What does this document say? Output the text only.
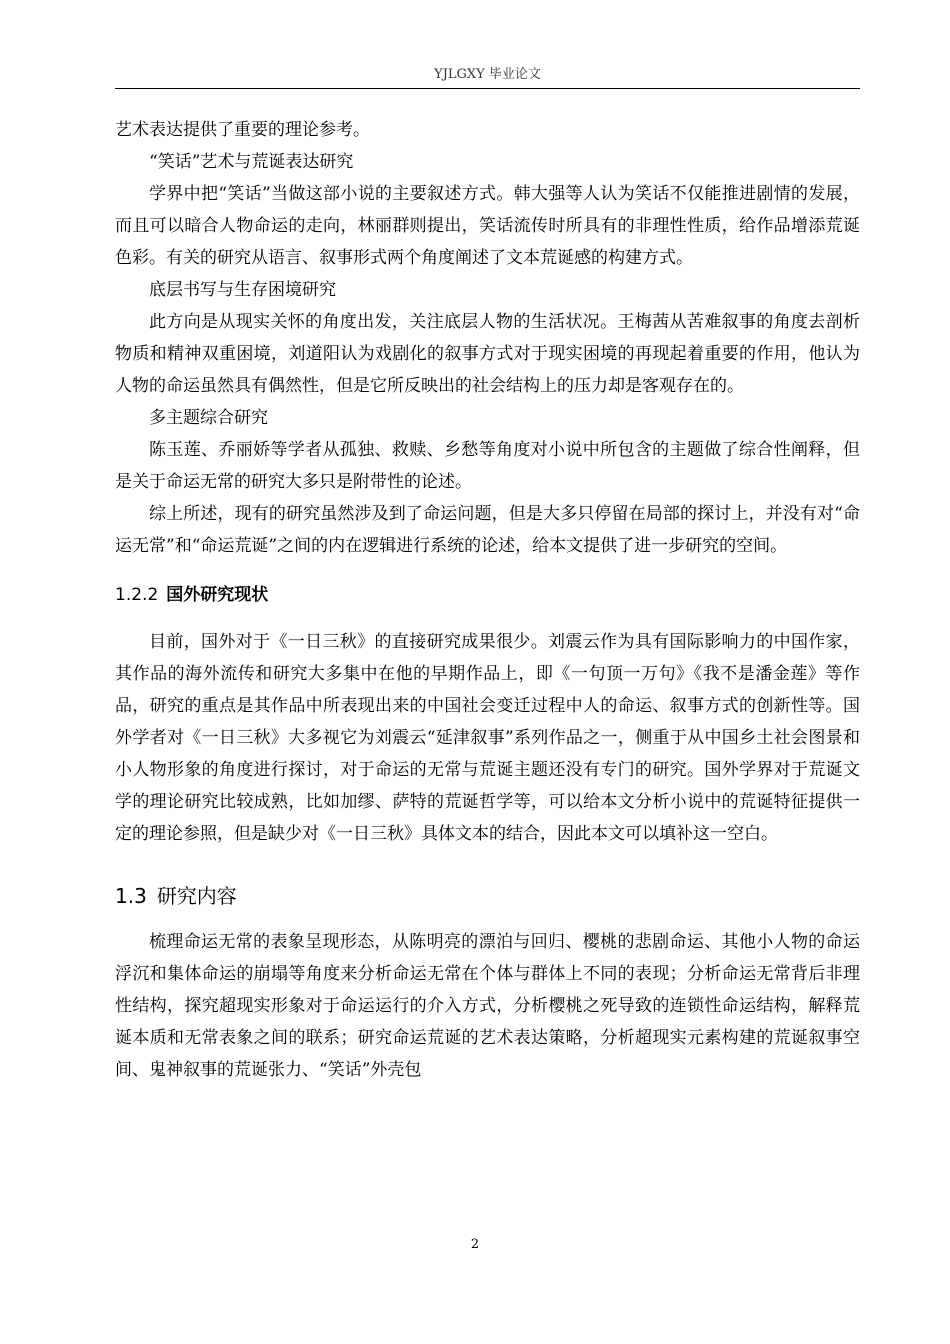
YJLGXY 毕业论文

艺术表达提供了重要的理论参考。

“笑话”艺术与荒诞表达研究

学界中把“笑话”当做这部小说的主要叙述方式。韩大强等人认为笑话不仅能推进剧情的发展，而且可以暗合人物命运的走向，林丽群则提出，笑话流传时所具有的非理性性质，给作品增添荒诞色彩。有关的研究从语言、叙事形式两个角度阐述了文本荒诞感的构建方式。

底层书写与生存困境研究

此方向是从现实关怀的角度出发，关注底层人物的生活状况。王梅茜从苦难叙事的角度去剖析物质和精神双重困境，刘道阳认为戏剧化的叙事方式对于现实困境的再现起着重要的作用，他认为人物的命运虽然具有偶然性，但是它所反映出的社会结构上的压力却是客观存在的。

多主题综合研究

陈玉莲、乔丽娇等学者从孤独、救赎、乡愁等角度对小说中所包含的主题做了综合性阐释，但是关于命运无常的研究大多只是附带性的论述。

综上所述，现有的研究虽然涉及到了命运问题，但是大多只停留在局部的探讨上，并没有对“命运无常”和“命运荒诞”之间的内在逻辑进行系统的论述，给本文提供了进一步研究的空间。

1.2.2 国外研究现状

目前，国外对于《一日三秋》的直接研究成果很少。刘震云作为具有国际影响力的中国作家，其作品的海外流传和研究大多集中在他的早期作品上，即《一句顶一万句》《我不是潘金莲》等作品，研究的重点是其作品中所表现出来的中国社会变迁过程中人的命运、叙事方式的创新性等。国外学者对《一日三秋》大多视它为刘震云“延津叙事”系列作品之一，侧重于从中国乡土社会图景和小人物形象的角度进行探讨，对于命运的无常与荒诞主题还没有专门的研究。国外学界对于荒诞文学的理论研究比较成熟，比如加缪、萨特的荒诞哲学等，可以给本文分析小说中的荒诞特征提供一定的理论参照，但是缺少对《一日三秋》具体文本的结合，因此本文可以填补这一空白。

1.3 研究内容

梳理命运无常的表象呈现形态，从陈明亮的漂泊与回归、樱桃的悲剧命运、其他小人物的命运浮沉和集体命运的崩塌等角度来分析命运无常在个体与群体上不同的表现；分析命运无常背后非理性结构，探究超现实形象对于命运运行的介入方式，分析樱桃之死导致的连锁性命运结构，解释荒诞本质和无常表象之间的联系；研究命运荒诞的艺术表达策略，分析超现实元素构建的荒诞叙事空间、鬼神叙事的荒诞张力、“笑话”外壳包

2
